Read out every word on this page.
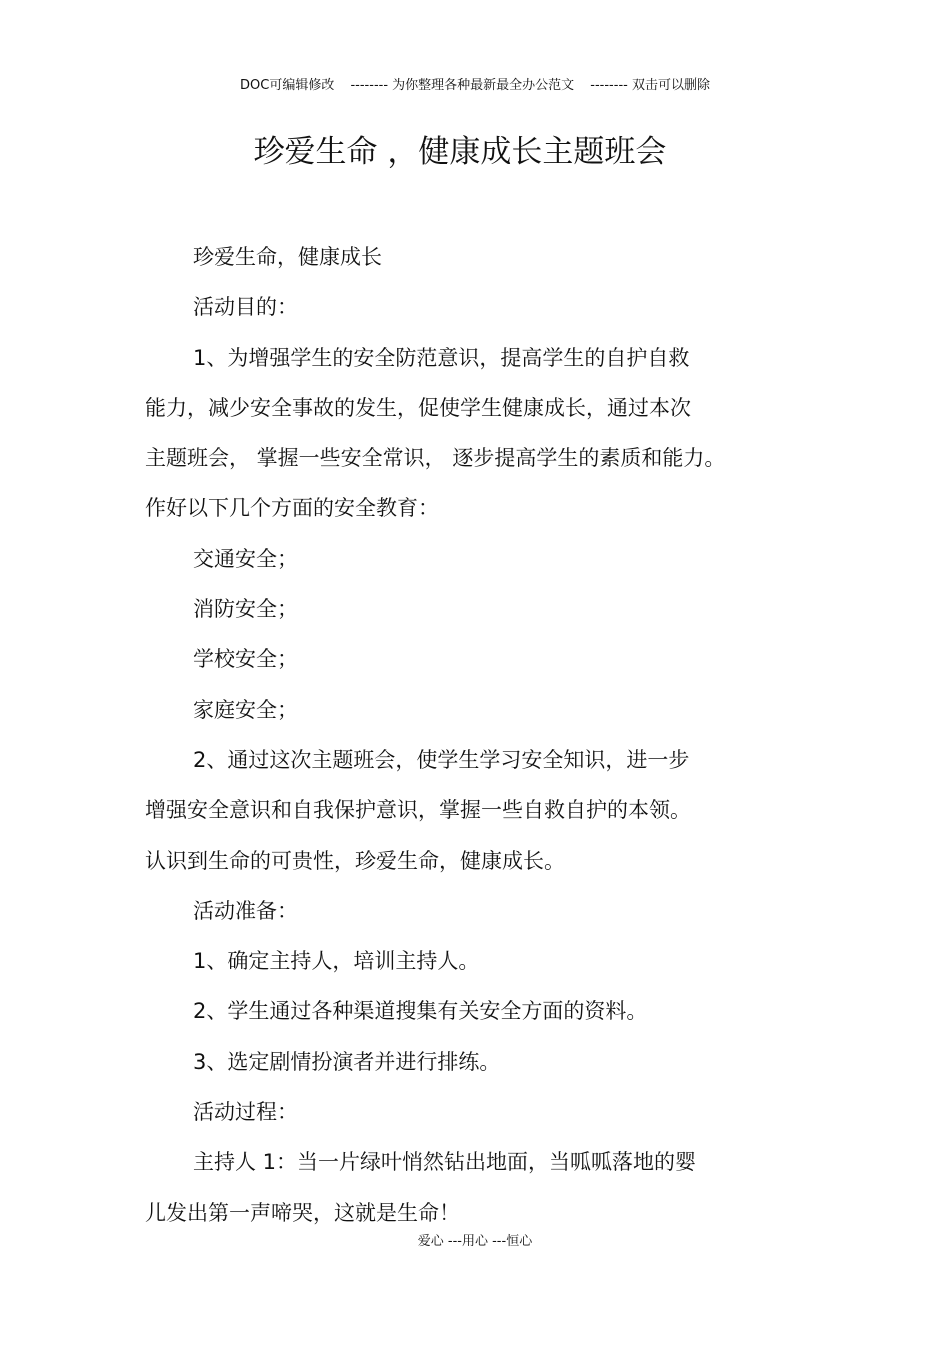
DOC可编辑修改 -------- 为你整理各种最新最全办公范文 -------- 双击可以删除
珍爱生命 ，健康成长主题班会

珍爱生命，健康成长

活动目的：

1、为增强学生的安全防范意识，提高学生的自护自救

能力，减少安全事故的发生，促使学生健康成长，通过本次

主题班会， 掌握一些安全常识， 逐步提高学生的素质和能力。

作好以下几个方面的安全教育：

交通安全；

消防安全；

学校安全；

家庭安全；

2、通过这次主题班会，使学生学习安全知识，进一步

增强安全意识和自我保护意识，掌握一些自救自护的本领。

认识到生命的可贵性，珍爱生命，健康成长。

活动准备：

1、确定主持人，培训主持人。

2、学生通过各种渠道搜集有关安全方面的资料。

3、选定剧情扮演者并进行排练。

活动过程：

主持人 1：当一片绿叶悄然钻出地面，当呱呱落地的婴

儿发出第一声啼哭，这就是生命！

爱心 ---用心 ---恒心
